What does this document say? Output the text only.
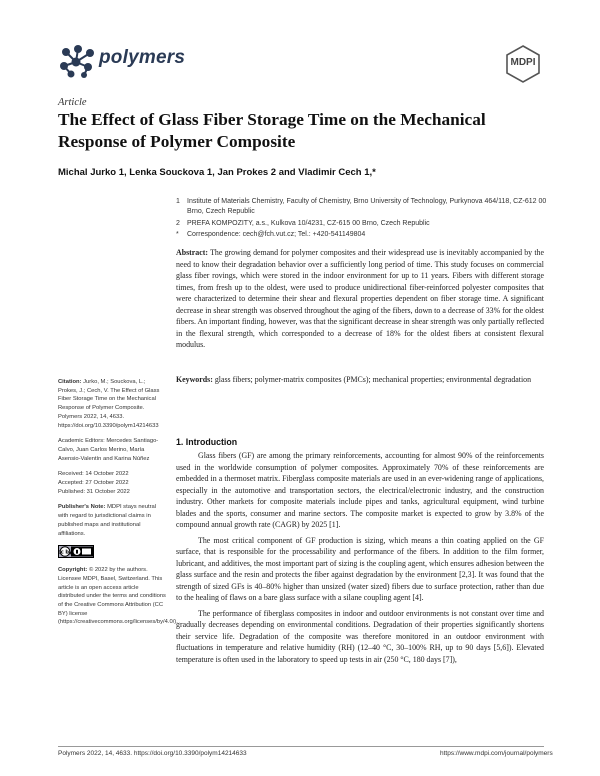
polymers	MDPI
Article
The Effect of Glass Fiber Storage Time on the Mechanical Response of Polymer Composite
Michal Jurko 1, Lenka Souckova 1, Jan Prokes 2 and Vladimir Cech 1,*
1 Institute of Materials Chemistry, Faculty of Chemistry, Brno University of Technology, Purkynova 464/118, CZ-612 00 Brno, Czech Republic
2 PREFA KOMPOZITY, a.s., Kulkova 10/4231, CZ-615 00 Brno, Czech Republic
* Correspondence: cech@fch.vut.cz; Tel.: +420-541149804
Abstract: The growing demand for polymer composites and their widespread use is inevitably accompanied by the need to know their degradation behavior over a sufficiently long period of time. This study focuses on commercial glass fiber rovings, which were stored in the indoor environment for up to 11 years. Fibers with different storage times, from fresh up to the oldest, were used to produce unidirectional fiber-reinforced polyester composites that were characterized to determine their shear and flexural properties dependent on fiber storage time. A significant decrease in shear strength was observed throughout the aging of the fibers, down to a decrease of 33% for the oldest fibers. An important finding, however, was that the significant decrease in shear strength was only partially reflected in the flexural strength, which corresponded to a decrease of 18% for the oldest fibers at consistent flexural modulus.
Keywords: glass fibers; polymer-matrix composites (PMCs); mechanical properties; environmental degradation

Citation: Jurko, M.; Souckova, L.; Prokes, J.; Cech, V. The Effect of Glass Fiber Storage Time on the Mechanical Response of Polymer Composite. Polymers 2022, 14, 4633. https://doi.org/10.3390/polym14214633

Academic Editors: Mercedes Santiago-Calvo, Juan Carlos Merino, María Asensio-Valentín and Karina Núñez

Received: 14 October 2022
Accepted: 27 October 2022
Published: 31 October 2022

Publisher's Note: MDPI stays neutral with regard to jurisdictional claims in published maps and institutional affiliations.

cc by

Copyright: © 2022 by the authors. Licensee MDPI, Basel, Switzerland. This article is an open access article distributed under the terms and conditions of the Creative Commons Attribution (CC BY) license (https://creativecommons.org/licenses/by/4.0/).

1. Introduction

Glass fibers (GF) are among the primary reinforcements, accounting for almost 90% of the reinforcements used in the worldwide consumption of polymer composites. Approximately 70% of these reinforcements are embedded in a thermoset matrix. Fiberglass composite materials are used in an ever-widening range of applications, especially in the automotive and transportation sectors, the electrical/electronic industry, and the construction industry. Other markets for composite materials include pipes and tanks, agricultural equipment, wind turbine blades and the sports, consumer and marine sectors. The composite market is expected to grow by 3.8% of the compound annual growth rate (CAGR) by 2025 [1].

The most critical component of GF production is sizing, which means a thin coating applied on the GF surface, that is responsible for the processability and performance of the fibers. In addition to the film former, lubricant, and additives, the most important part of sizing is the coupling agent, which ensures adhesion between the glass surface and the resin and protects the fiber against degradation by the environment [2,3]. It was found that the strength of sized GFs is 40–80% higher than unsized (water sized) fibers due to surface protection, rather than due to the healing of flaws on a bare glass surface with a silane coupling agent [4].

The performance of fiberglass composites in indoor and outdoor environments is not constant over time and gradually decreases depending on environmental conditions. Degradation of their properties significantly shortens their service life. Degradation of the composite was therefore monitored in an outdoor environment with fluctuations in temperature and relative humidity (RH) (12–40 °C, 30–100% RH, up to 90 days [5,6]). Elevated temperature is often used in the laboratory to speed up tests in air (250 °C, 180 days [7]),

Polymers 2022, 14, 4633. https://doi.org/10.3390/polym14214633	https://www.mdpi.com/journal/polymers
